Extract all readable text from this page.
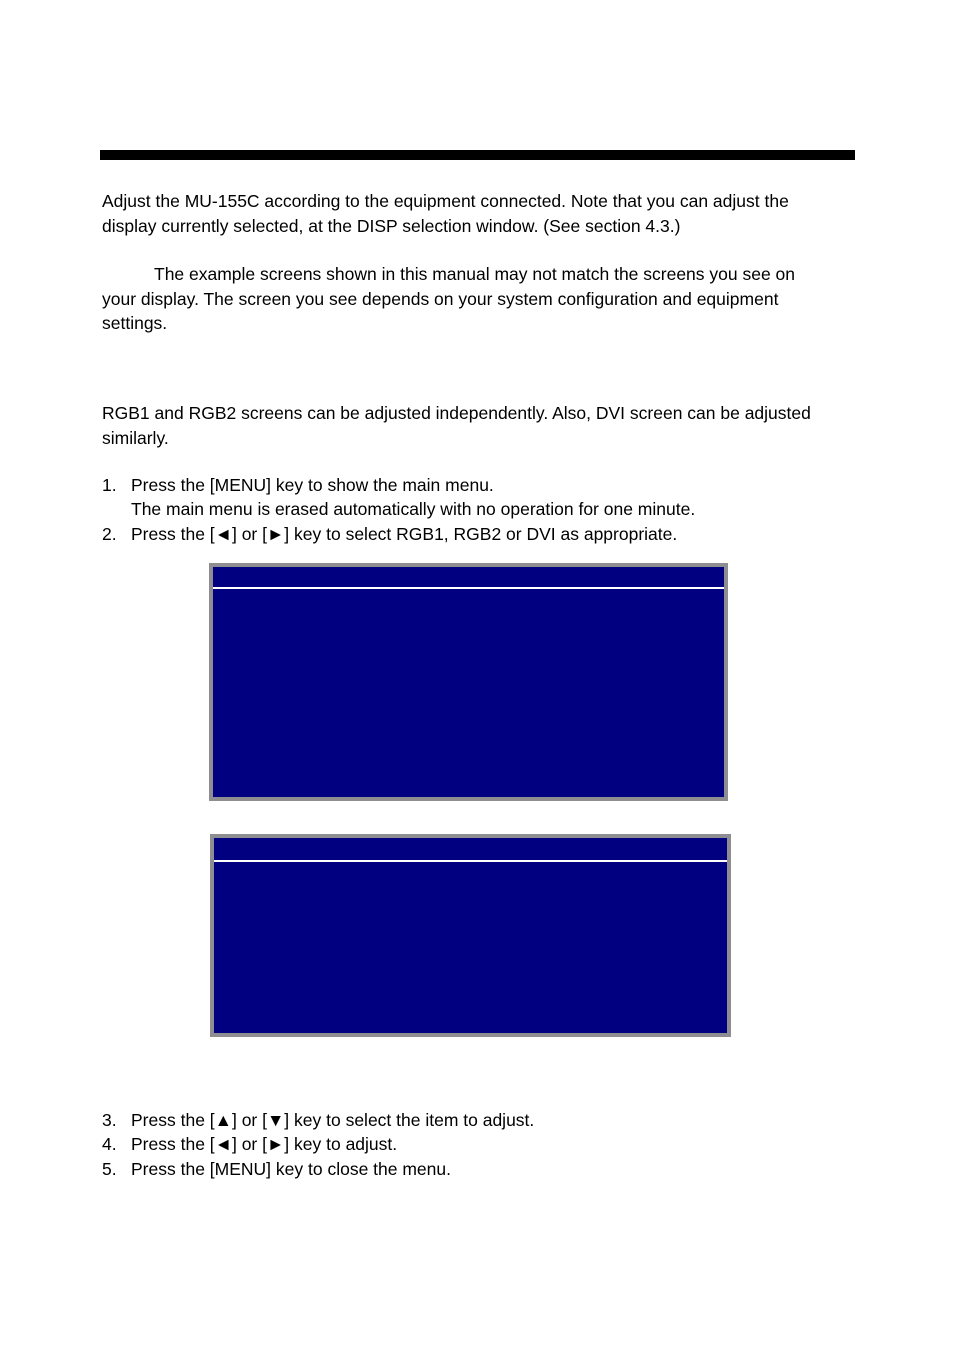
Adjust the MU-155C according to the equipment connected. Note that you can adjust the
display currently selected, at the DISP selection window. (See section 4.3.)

The example screens shown in this manual may not match the screens you see on
your display. The screen you see depends on your system configuration and equipment
settings.

RGB1 and RGB2 screens can be adjusted independently. Also, DVI screen can be adjusted
similarly.

1. Press the [MENU] key to show the main menu.
The main menu is erased automatically with no operation for one minute.
2. Press the [◄] or [►] key to select RGB1, RGB2 or DVI as appropriate.
3. Press the [▲] or [▼] key to select the item to adjust.
4. Press the [◄] or [►] key to adjust.
5. Press the [MENU] key to close the menu.
